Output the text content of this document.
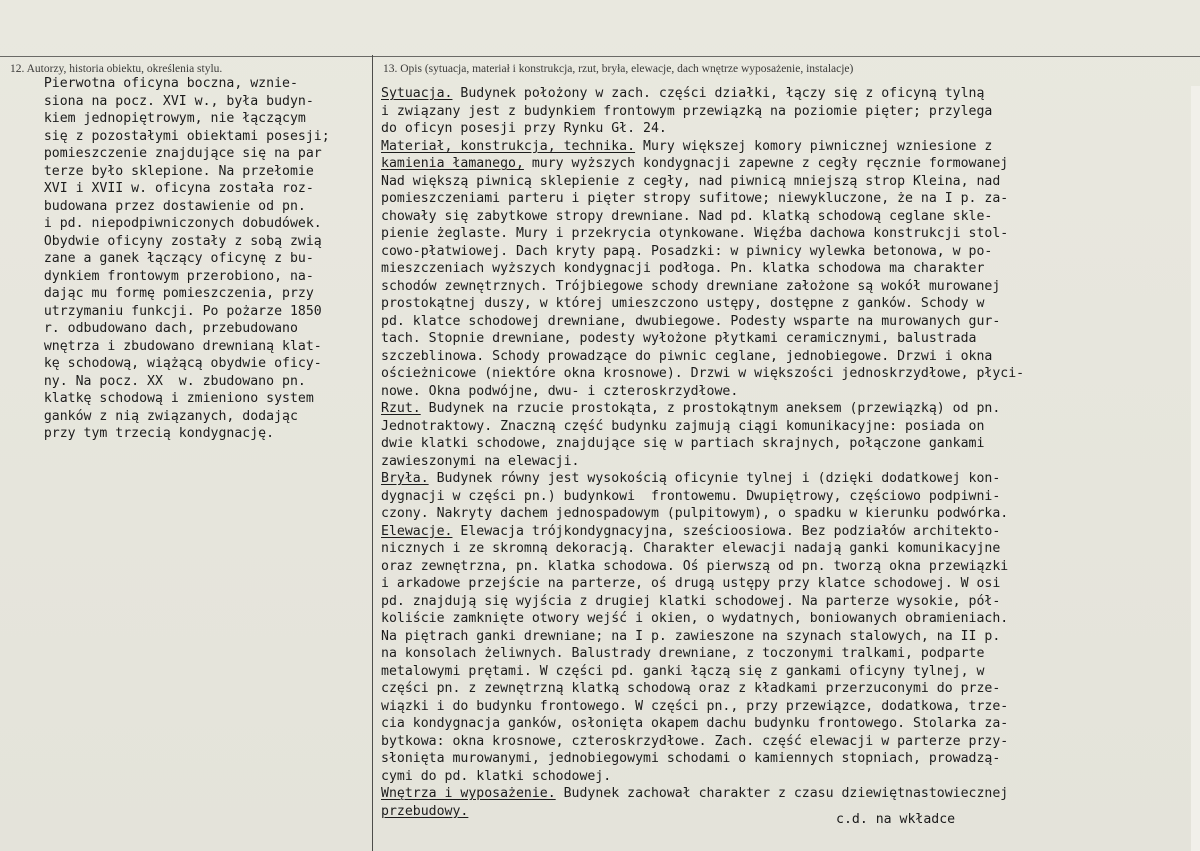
12. Autorzy, historia obiektu, określenia stylu.	13. Opis (sytuacja, materiał i konstrukcja, rzut, bryła, elewacje, dach wnętrze wyposażenie, instalacje)
Pierwotna oficyna boczna, wznie-
siona na pocz. XVI w., była budyn-
kiem jednopiętrowym, nie łączącym
się z pozostałymi obiektami posesji;
pomieszczenie znajdujące się na par
terze było sklepione. Na przełomie
XVI i XVII w. oficyna została roz-
budowana przez dostawienie od pn.
i pd. niepodpiwniczonych dobudówek.
Obydwie oficyny zostały z sobą zwią
zane a ganek łączący oficynę z bu-
dynkiem frontowym przerobiono, na-
dając mu formę pomieszczenia, przy
utrzymaniu funkcji. Po pożarze 1850
r. odbudowano dach, przebudowano
wnętrza i zbudowano drewnianą klat-
kę schodową, wiążącą obydwie oficy-
ny. Na pocz. XX  w. zbudowano pn.
klatkę schodową i zmieniono system
ganków z nią związanych, dodając
przy tym trzecią kondygnację.
Sytuacja. Budynek położony w zach. części działki, łączy się z oficyną tylną
i związany jest z budynkiem frontowym przewiązką na poziomie pięter; przylega
do oficyn posesji przy Rynku Gł. 24.
Materiał, konstrukcja, technika. Mury większej komory piwnicznej wzniesione z
kamienia łamanego, mury wyższych kondygnacji zapewne z cegły ręcznie formowanej
Nad większą piwnicą sklepienie z cegły, nad piwnicą mniejszą strop Kleina, nad
pomieszczeniami parteru i pięter stropy sufitowe; niewykluczone, że na I p. za-
chowały się zabytkowe stropy drewniane. Nad pd. klatką schodową ceglane skle-
pienie żeglaste. Mury i przekrycia otynkowane. Więźba dachowa konstrukcji stol-
cowo-płatwiowej. Dach kryty papą. Posadzki: w piwnicy wylewka betonowa, w po-
mieszczeniach wyższych kondygnacji podłoga. Pn. klatka schodowa ma charakter
schodów zewnętrznych. Trójbiegowe schody drewniane założone są wokół murowanej
prostokątnej duszy, w której umieszczono ustępy, dostępne z ganków. Schody w
pd. klatce schodowej drewniane, dwubiegowe. Podesty wsparte na murowanych gur-
tach. Stopnie drewniane, podesty wyłożone płytkami ceramicznymi, balustrada
szczeblinowa. Schody prowadzące do piwnic ceglane, jednobiegowe. Drzwi i okna
ościeżnicowe (niektóre okna krosnowe). Drzwi w większości jednoskrzydłowe, płyci-
nowe. Okna podwójne, dwu- i czteroskrzydłowe.
Rzut. Budynek na rzucie prostokąta, z prostokątnym aneksem (przewiązką) od pn.
Jednotraktowy. Znaczną część budynku zajmują ciągi komunikacyjne: posiada on
dwie klatki schodowe, znajdujące się w partiach skrajnych, połączone gankami
zawieszonymi na elewacji.
Bryła. Budynek równy jest wysokością oficynie tylnej i (dzięki dodatkowej kon-
dygnacji w części pn.) budynkowi  frontowemu. Dwupiętrowy, częściowo podpiwni-
czony. Nakryty dachem jednospadowym (pulpitowym), o spadku w kierunku podwórka.
Elewacje. Elewacja trójkondygnacyjna, sześcioosiowa. Bez podziałów architekto-
nicznych i ze skromną dekoracją. Charakter elewacji nadają ganki komunikacyjne
oraz zewnętrzna, pn. klatka schodowa. Oś pierwszą od pn. tworzą okna przewiązki
i arkadowe przejście na parterze, oś drugą ustępy przy klatce schodowej. W osi
pd. znajdują się wyjścia z drugiej klatki schodowej. Na parterze wysokie, pół-
koliście zamknięte otwory wejść i okien, o wydatnych, boniowanych obramieniach.
Na piętrach ganki drewniane; na I p. zawieszone na szynach stalowych, na II p.
na konsolach żeliwnych. Balustrady drewniane, z toczonymi tralkami, podparte
metalowymi prętami. W części pd. ganki łączą się z gankami oficyny tylnej, w
części pn. z zewnętrzną klatką schodową oraz z kładkami przerzuconymi do prze-
wiązki i do budynku frontowego. W części pn., przy przewiązce, dodatkowa, trze-
cia kondygnacja ganków, osłonięta okapem dachu budynku frontowego. Stolarka za-
bytkowa: okna krosnowe, czteroskrzydłowe. Zach. część elewacji w parterze przy-
słonięta murowanymi, jednobiegowymi schodami o kamiennych stopniach, prowadzą-
cymi do pd. klatki schodowej.
Wnętrza i wyposażenie. Budynek zachował charakter z czasu dziewiętnastowiecznej
przebudowy.
c.d. na wkładce
